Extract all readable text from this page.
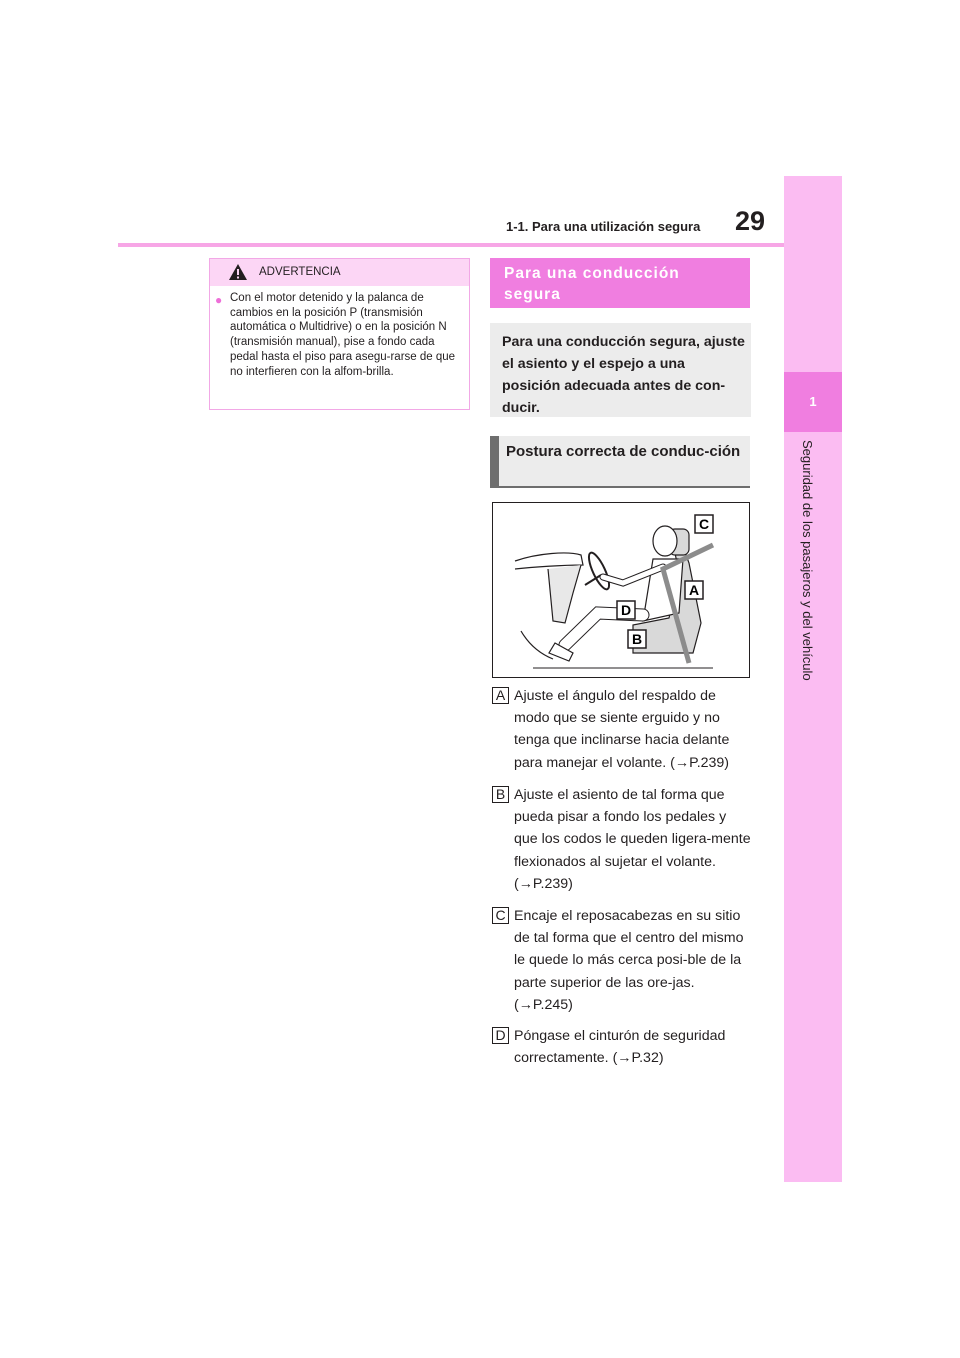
29
1-1. Para una utilización segura
1
Seguridad de los pasajeros y del vehículo
ADVERTENCIA
● Con el motor detenido y la palanca de cambios en la posición P (transmisión automática o Multidrive) o en la posición N (transmisión manual), pise a fondo cada pedal hasta el piso para asegu-rarse de que no interfieren con la alfom-brilla.
Para una conducción segura
Para una conducción segura, ajuste el asiento y el espejo a una posición adecuada antes de con-ducir.
Postura correcta de conduc-ción
C
A
D
B
A Ajuste el ángulo del respaldo de modo que se siente erguido y no tenga que inclinarse hacia delante para manejar el volante. (→P.239)
B Ajuste el asiento de tal forma que pueda pisar a fondo los pedales y que los codos le queden ligera-mente flexionados al sujetar el volante. (→P.239)
C Encaje el reposacabezas en su sitio de tal forma que el centro del mismo le quede lo más cerca posi-ble de la parte superior de las ore-jas. (→P.245)
D Póngase el cinturón de seguridad correctamente. (→P.32)
